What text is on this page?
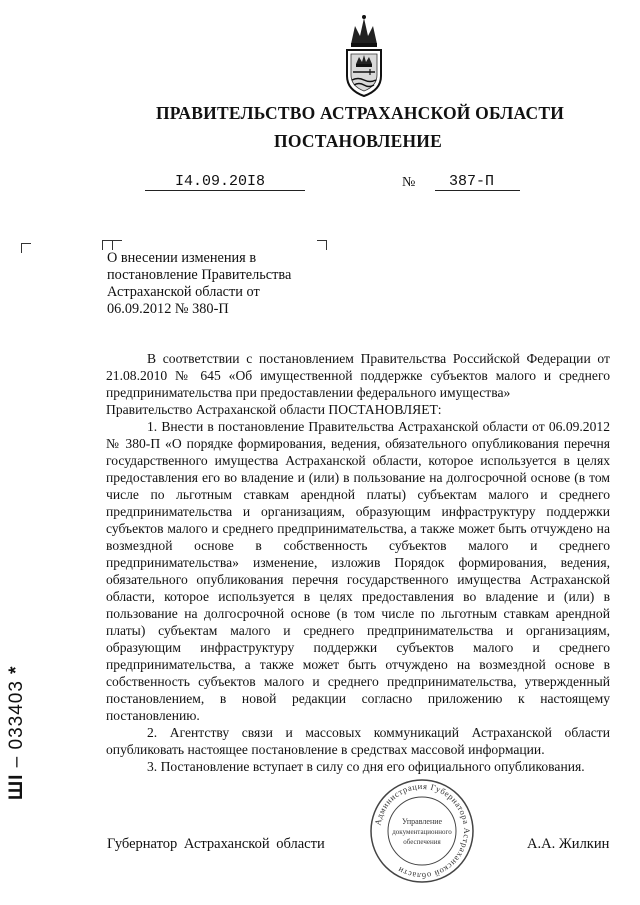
ПРАВИТЕЛЬСТВО АСТРАХАНСКОЙ ОБЛАСТИ
ПОСТАНОВЛЕНИЕ
I4.09.20I8	№	387-П
О внесении изменения в постановление Правительства Астраханской области от 06.09.2012 № 380-П

В соответствии с постановлением Правительства Российской Федерации от 21.08.2010 № 645 «Об имущественной поддержке субъектов малого и среднего предпринимательства при предоставлении федерального имущества»

Правительство Астраханской области ПОСТАНОВЛЯЕТ:

1. Внести в постановление Правительства Астраханской области от 06.09.2012 № 380-П «О порядке формирования, ведения, обязательного опубликования перечня государственного имущества Астраханской области, которое используется в целях предоставления его во владение и (или) в пользование на долгосрочной основе (в том числе по льготным ставкам арендной платы) субъектам малого и среднего предпринимательства и организациям, образующим инфраструктуру поддержки субъектов малого и среднего предпринимательства, а также может быть отчуждено на возмездной основе в собственность субъектов малого и среднего предпринимательства» изменение, изложив Порядок формирования, ведения, обязательного опубликования перечня государственного имущества Астраханской области, которое используется в целях предоставления во владение и (или) в пользование на долгосрочной основе (в том числе по льготным ставкам арендной платы) субъектам малого и среднего предпринимательства и организациям, образующим инфраструктуру поддержки субъектов малого и среднего предпринимательства, а также может быть отчуждено на возмездной основе в собственность субъектов малого и среднего предпринимательства, утвержденный постановлением, в новой редакции согласно приложению к настоящему постановлению.

2. Агентству связи и массовых коммуникаций Астраханской области опубликовать настоящее постановление в средствах массовой информации.

3. Постановление вступает в силу со дня его официального опубликования.

Губернатор Астраханской области	А.А. Жилкин
Администрация Губернатора Астраханской области
Управление
документационного
обеспечения
ШI – 033403 *
